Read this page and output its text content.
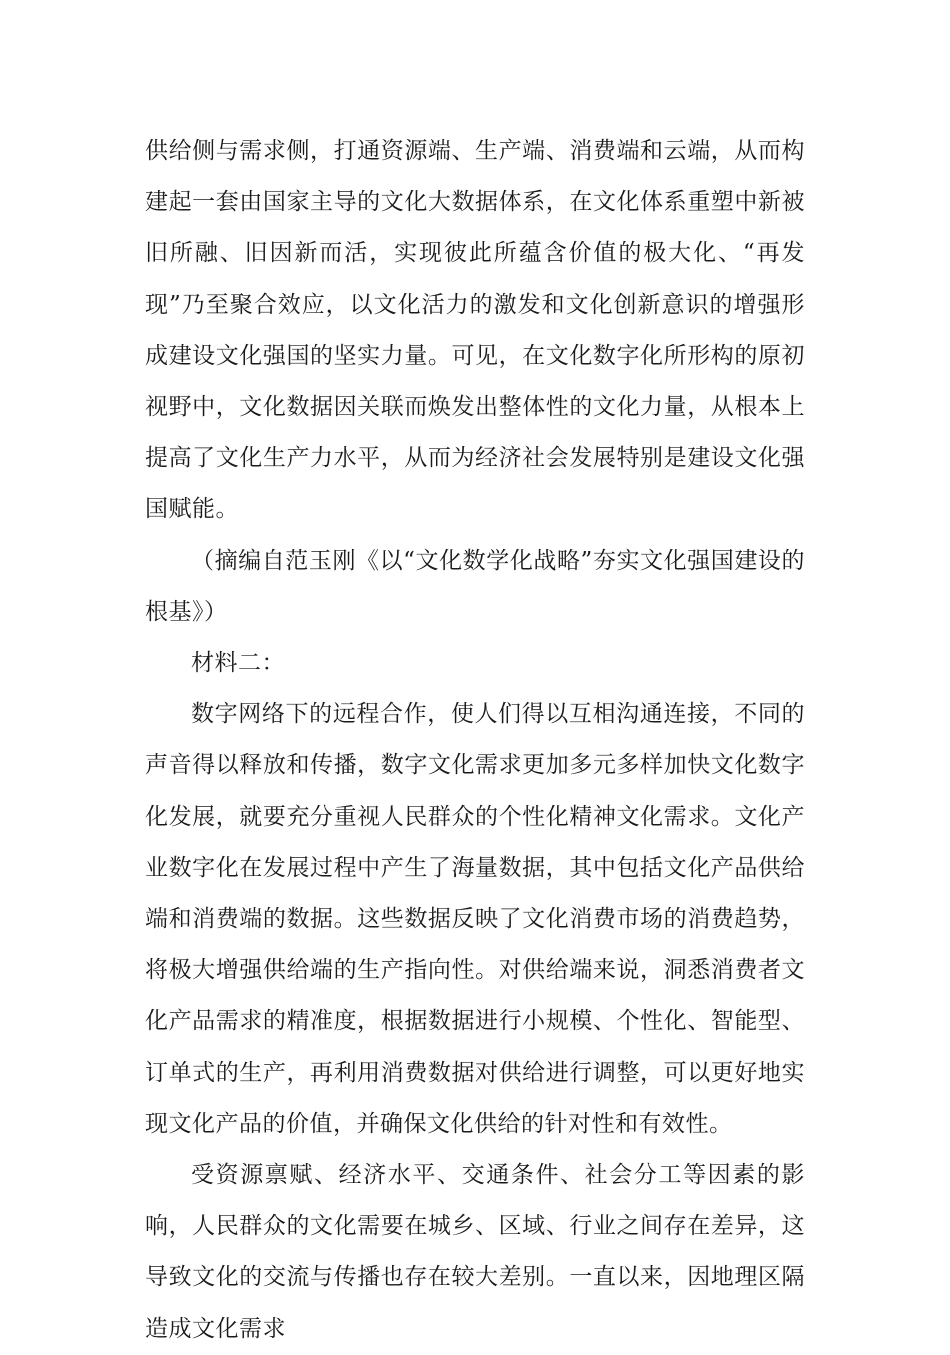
供给侧与需求侧，打通资源端、生产端、消费端和云端，从而构建起一套由国家主导的文化大数据体系，在文化体系重塑中新被旧所融、旧因新而活，实现彼此所蕴含价值的极大化、“再发现”乃至聚合效应，以文化活力的激发和文化创新意识的增强形成建设文化强国的坚实力量。可见，在文化数字化所形构的原初视野中，文化数据因关联而焕发出整体性的文化力量，从根本上提高了文化生产力水平，从而为经济社会发展特别是建设文化强国赋能。

（摘编自范玉刚《以“文化数学化战略”夯实文化强国建设的根基》）

材料二：

数字网络下的远程合作，使人们得以互相沟通连接，不同的声音得以释放和传播，数字文化需求更加多元多样加快文化数字化发展，就要充分重视人民群众的个性化精神文化需求。文化产业数字化在发展过程中产生了海量数据，其中包括文化产品供给端和消费端的数据。这些数据反映了文化消费市场的消费趋势，将极大增强供给端的生产指向性。对供给端来说，洞悉消费者文化产品需求的精准度，根据数据进行小规模、个性化、智能型、订单式的生产，再利用消费数据对供给进行调整，可以更好地实现文化产品的价值，并确保文化供给的针对性和有效性。

受资源禀赋、经济水平、交通条件、社会分工等因素的影响，人民群众的文化需要在城乡、区域、行业之间存在差异，这导致文化的交流与传播也存在较大差别。一直以来，因地理区隔造成文化需求
